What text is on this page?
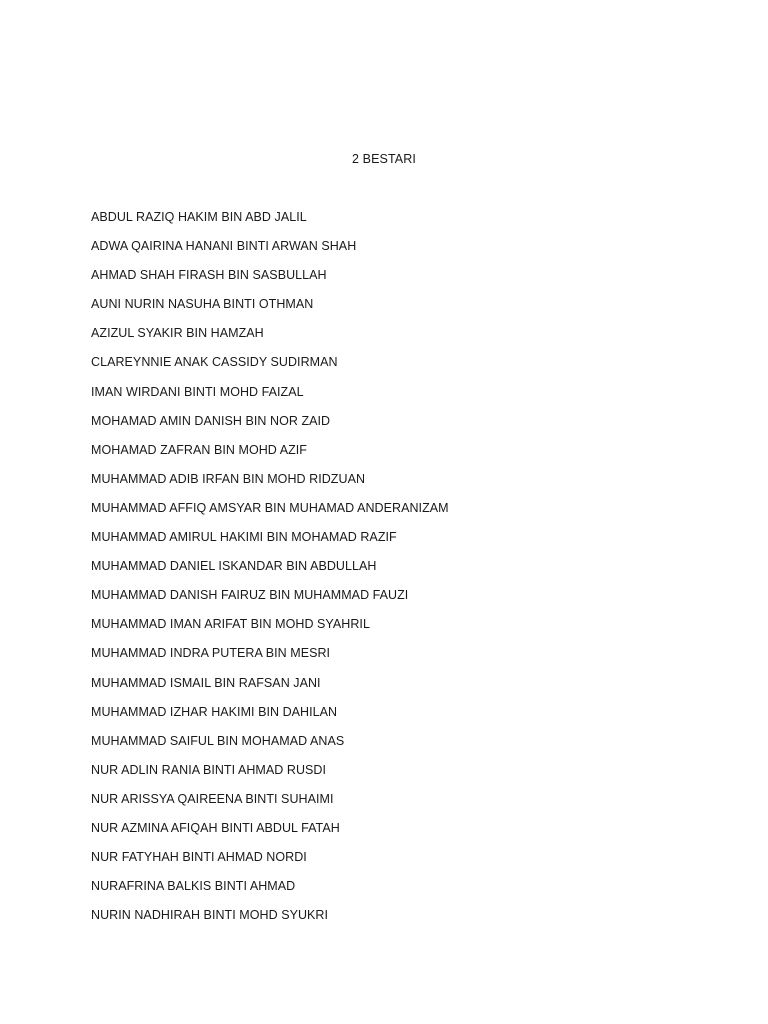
2 BESTARI
ABDUL RAZIQ HAKIM BIN ABD JALIL
ADWA QAIRINA HANANI BINTI ARWAN SHAH
AHMAD SHAH FIRASH BIN SASBULLAH
AUNI NURIN NASUHA BINTI OTHMAN
AZIZUL SYAKIR BIN HAMZAH
CLAREYNNIE ANAK CASSIDY SUDIRMAN
IMAN WIRDANI BINTI MOHD FAIZAL
MOHAMAD AMIN DANISH BIN NOR ZAID
MOHAMAD ZAFRAN BIN MOHD AZIF
MUHAMMAD ADIB IRFAN BIN MOHD RIDZUAN
MUHAMMAD AFFIQ AMSYAR BIN MUHAMAD ANDERANIZAM
MUHAMMAD AMIRUL HAKIMI BIN MOHAMAD RAZIF
MUHAMMAD DANIEL ISKANDAR BIN ABDULLAH
MUHAMMAD DANISH FAIRUZ BIN MUHAMMAD FAUZI
MUHAMMAD IMAN ARIFAT BIN MOHD SYAHRIL
MUHAMMAD INDRA PUTERA BIN MESRI
MUHAMMAD ISMAIL BIN RAFSAN JANI
MUHAMMAD IZHAR HAKIMI BIN DAHILAN
MUHAMMAD SAIFUL BIN MOHAMAD ANAS
NUR ADLIN RANIA BINTI AHMAD RUSDI
NUR ARISSYA QAIREENA BINTI SUHAIMI
NUR AZMINA AFIQAH BINTI ABDUL FATAH
NUR FATYHAH BINTI AHMAD NORDI
NURAFRINA BALKIS BINTI AHMAD
NURIN NADHIRAH BINTI MOHD SYUKRI
